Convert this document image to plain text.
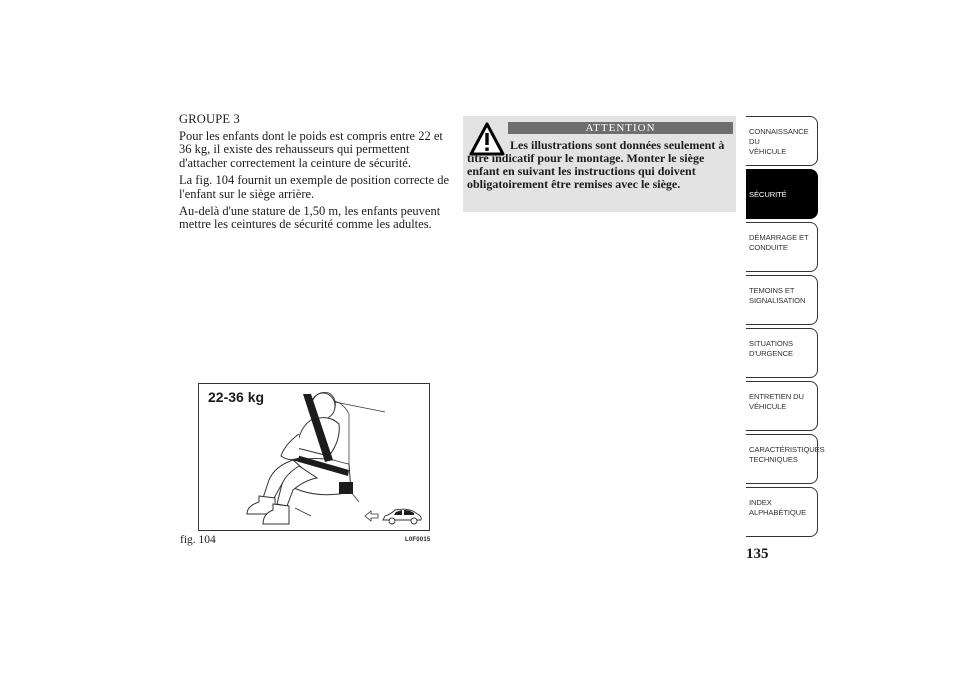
GROUPE 3

Pour les enfants dont le poids est compris entre 22 et 36 kg, il existe des rehausseurs qui permettent d'attacher correctement la ceinture de sécurité.

La fig. 104 fournit un exemple de position correcte de l'enfant sur le siège arrière.

Au-delà d'une stature de 1,50 m, les enfants peuvent mettre les ceintures de sécurité comme les adultes.

ATTENTION

Les illustrations sont données seulement à titre indicatif pour le montage. Monter le siège enfant en suivant les instructions qui doivent obligatoirement être remises avec le siège.

22-36 kg
fig. 104	L0F0015
CONNAISSANCE DU
VÉHICULE
SÉCURITÉ
DÉMARRAGE ET
CONDUITE
TEMOINS ET
SIGNALISATION
SITUATIONS
D'URGENCE
ENTRETIEN DU
VÉHICULE
CARACTÉRISTIQUES
TECHNIQUES
INDEX
ALPHABÉTIQUE
135
